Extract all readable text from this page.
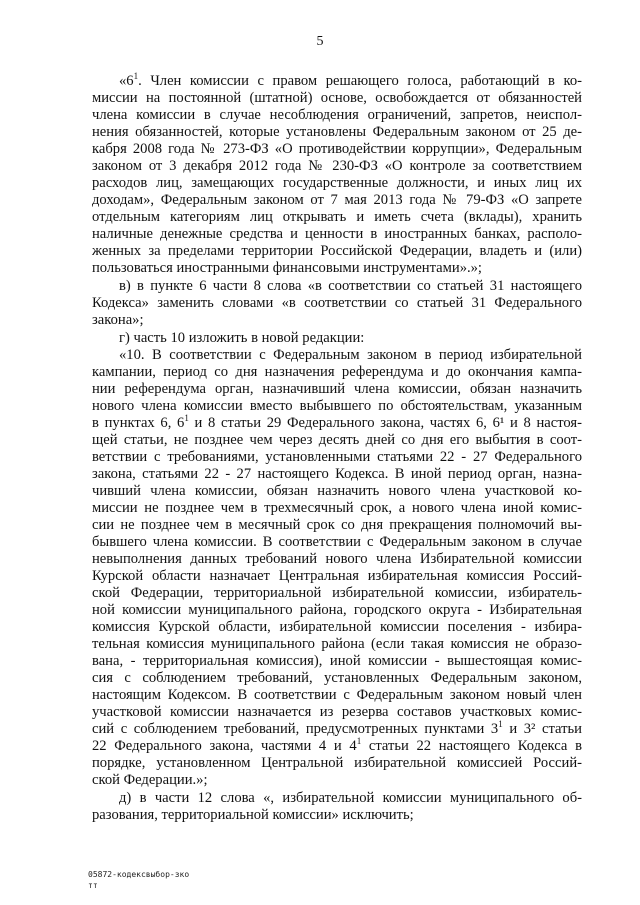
5
«$6^1$. Член комиссии с правом решающего голоса, работающий в ко-
миссии на постоянной (штатной) основе, освобождается от обязанностей
члена комиссии в случае несоблюдения ограничений, запретов, неиспол-
нения обязанностей, которые установлены Федеральным законом от 25 де-
кабря 2008 года № 273-ФЗ «О противодействии коррупции», Федеральным
законом от 3 декабря 2012 года № 230-ФЗ «О контроле за соответствием
расходов лиц, замещающих государственные должности, и иных лиц их
доходам», Федеральным законом от 7 мая 2013 года № 79-ФЗ «О запрете
отдельным категориям лиц открывать и иметь счета (вклады), хранить
наличные денежные средства и ценности в иностранных банках, располо-
женных за пределами территории Российской Федерации, владеть и (или)
пользоваться иностранными финансовыми инструментами».»;
в) в пункте 6 части 8 слова «в соответствии со статьей 31 настоящего
Кодекса» заменить словами «в соответствии со статьей 31 Федерального
закона»;
г) часть 10 изложить в новой редакции:
«10. В соответствии с Федеральным законом в период избирательной
кампании, период со дня назначения референдума и до окончания кампа-
нии референдума орган, назначивший члена комиссии, обязан назначить
нового члена комиссии вместо выбывшего по обстоятельствам, указанным
в пунктах 6, $6^1$ и 8 статьи 29 Федерального закона, частях 6, 6¹ и 8 настоя-
щей статьи, не позднее чем через десять дней со дня его выбытия в соот-
ветствии с требованиями, установленными статьями 22 - 27 Федерального
закона, статьями 22 - 27 настоящего Кодекса. В иной период орган, назна-
чивший члена комиссии, обязан назначить нового члена участковой ко-
миссии не позднее чем в трехмесячный срок, а нового члена иной комис-
сии не позднее чем в месячный срок со дня прекращения полномочий вы-
бывшего члена комиссии. В соответствии с Федеральным законом в случае
невыполнения данных требований нового члена Избирательной комиссии
Курской области назначает Центральная избирательная комиссия Россий-
ской Федерации, территориальной избирательной комиссии, избиратель-
ной комиссии муниципального района, городского округа - Избирательная
комиссия Курской области, избирательной комиссии поселения - избира-
тельная комиссия муниципального района (если такая комиссия не образо-
вана, - территориальная комиссия), иной комиссии - вышестоящая комис-
сия с соблюдением требований, установленных Федеральным законом,
настоящим Кодексом. В соответствии с Федеральным законом новый член
участковой комиссии назначается из резерва составов участковых комис-
сий с соблюдением требований, предусмотренных пунктами $3^1$ и 3² статьи
22 Федерального закона, частями 4 и $4^1$ статьи 22 настоящего Кодекса в
порядке, установленном Центральной избирательной комиссией Россий-
ской Федерации.»;
д) в части 12 слова «, избирательной комиссии муниципального об-
разования, территориальной комиссии» исключить;
05872-кодексвыбор-зко
тт
